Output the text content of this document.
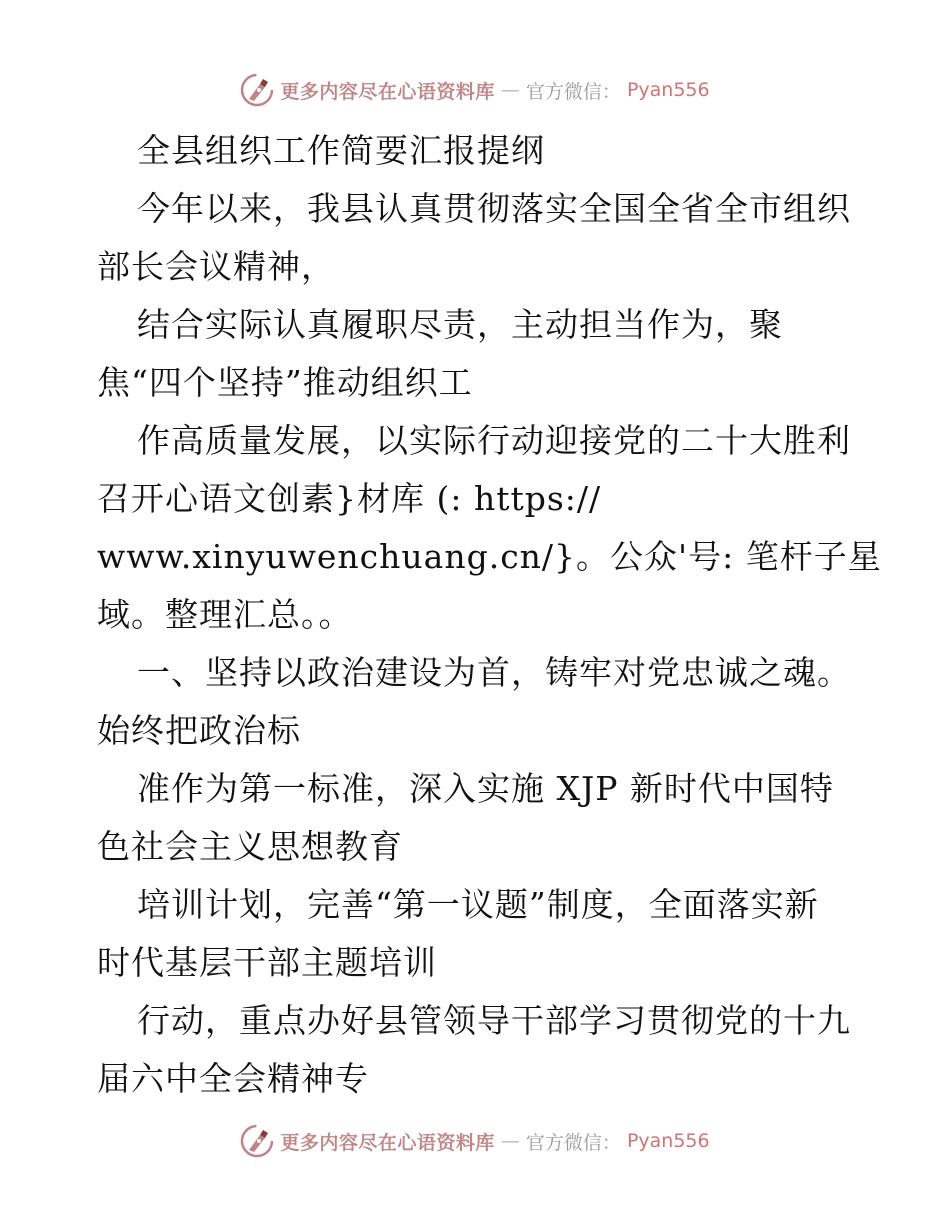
更多内容尽在心语资料库 — 官方微信： Pyan556
全县组织工作简要汇报提纲
今年以来，我县认真贯彻落实全国全省全市组织
部长会议精神，
结合实际认真履职尽责，主动担当作为，聚
焦“四个坚持”推动组织工
作高质量发展，以实际行动迎接党的二十大胜利
召开心语文创素}材库 (: https://
www.xinyuwenchuang.cn/}。公众'号: 笔杆子星
域。整理汇总。。
一、坚持以政治建设为首，铸牢对党忠诚之魂。
始终把政治标
准作为第一标准，深入实施 XJP 新时代中国特
色社会主义思想教育
培训计划，完善“第一议题”制度，全面落实新
时代基层干部主题培训
行动，重点办好县管领导干部学习贯彻党的十九
届六中全会精神专
更多内容尽在心语资料库 — 官方微信： Pyan556
